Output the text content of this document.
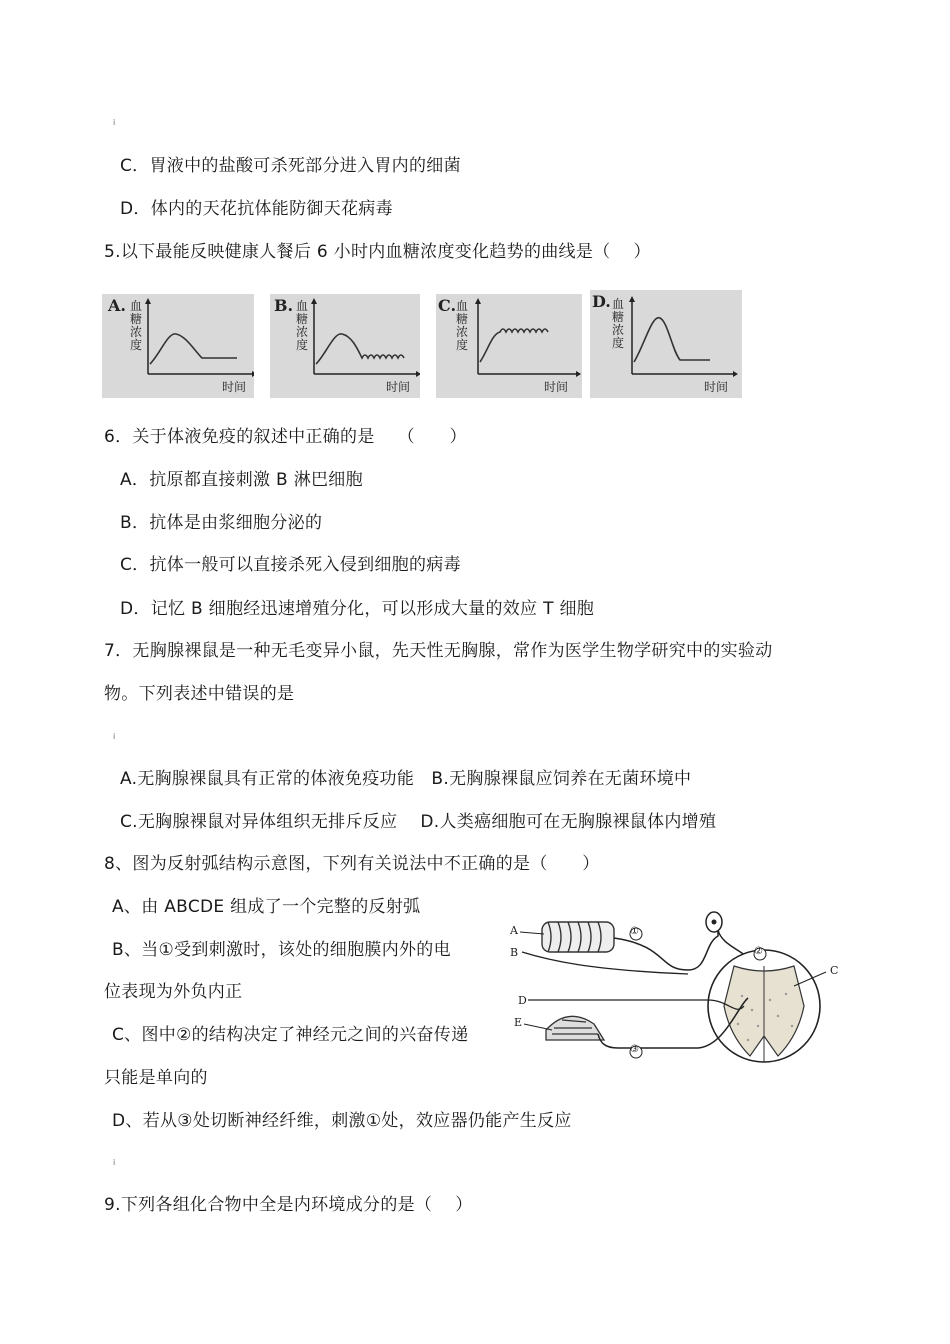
ⅰ
ⅰ
ⅰ
C．胃液中的盐酸可杀死部分进入胃内的细菌
D．体内的天花抗体能防御天花病毒
5.以下最能反映健康人餐后 6 小时内血糖浓度变化趋势的曲线是（　 ）
A. 血糖浓度
时间
B. 血糖浓度
时间
C. 血糖浓度
时间
D. 血糖浓度
时间
6．关于体液免疫的叙述中正确的是　 （　　）
A．抗原都直接刺激 B 淋巴细胞
B．抗体是由浆细胞分泌的
C．抗体一般可以直接杀死入侵到细胞的病毒
D．记忆 B 细胞经迅速增殖分化，可以形成大量的效应 T 细胞
7．无胸腺裸鼠是一种无毛变异小鼠，先天性无胸腺，常作为医学生物学研究中的实验动
物。下列表述中错误的是
A.无胸腺裸鼠具有正常的体液免疫功能　B.无胸腺裸鼠应饲养在无菌环境中
C.无胸腺裸鼠对异体组织无排斥反应　 D.人类癌细胞可在无胸腺裸鼠体内增殖
8、图为反射弧结构示意图，下列有关说法中不正确的是（　　）
A、由 ABCDE 组成了一个完整的反射弧
B、当①受到刺激时，该处的细胞膜内外的电
位表现为外负内正
C、图中②的结构决定了神经元之间的兴奋传递
只能是单向的
D、若从③处切断神经纤维，刺激①处，效应器仍能产生反应
A
B
C
D
E
①
②
③
9.下列各组化合物中全是内环境成分的是（　 ）
